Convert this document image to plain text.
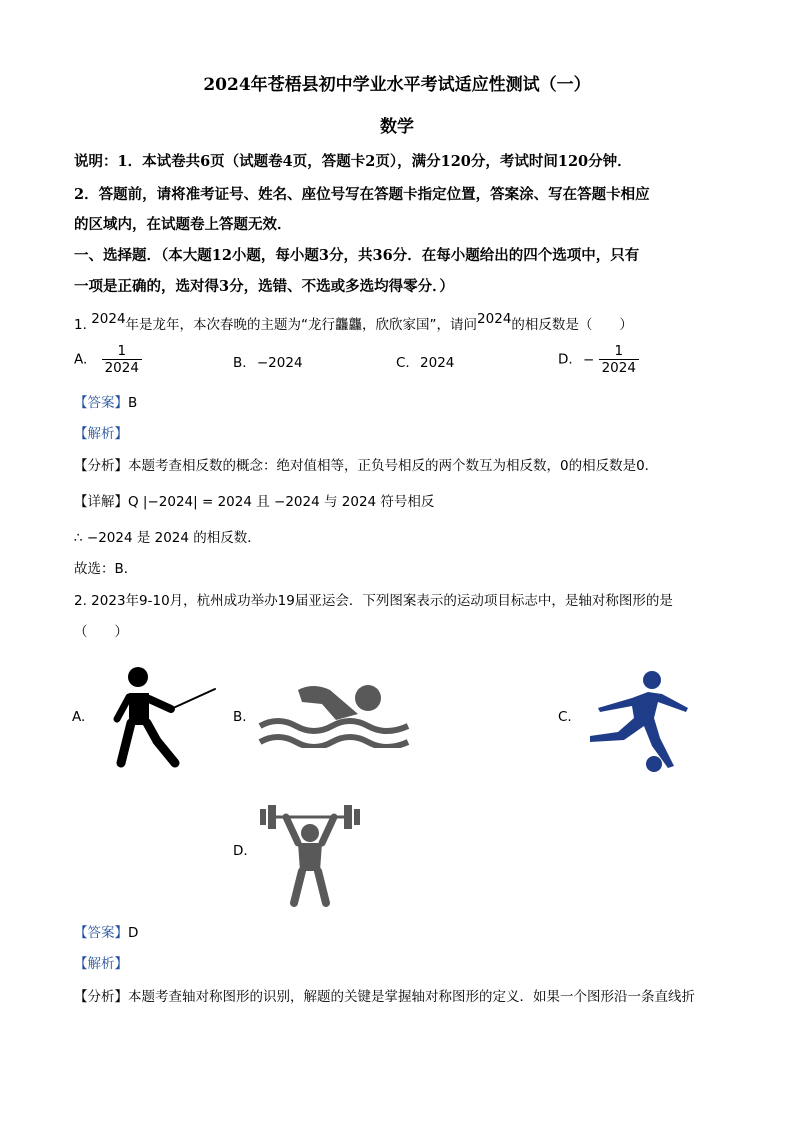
2024年苍梧县初中学业水平考试适应性测试（一）
数学
说明：1．本试卷共6页（试题卷4页，答题卡2页），满分120分，考试时间120分钟．
2．答题前，请将准考证号、姓名、座位号写在答题卡指定位置，答案涂、写在答题卡相应
的区域内，在试题卷上答题无效．
一、选择题．（本大题12小题，每小题3分，共36分．在每小题给出的四个选项中，只有
一项是正确的，选对得3分，选错、不选或多选均得零分．）
1. 2024年是龙年，本次春晚的主题为“龙行龘龘，欣欣家国”，请问2024的相反数是（　　）
A. $\frac{1}{2024}$	B. −2024	C. 2024	D. − $\frac{1}{2024}$
【答案】B
【解析】
【分析】本题考查相反数的概念：绝对值相等，正负号相反的两个数互为相反数，0的相反数是0．
【详解】Q |−2024| = 2024 且 −2024 与 2024 符号相反
∴ −2024 是 2024 的相反数．
故选：B．
2. 2023年9-10月，杭州成功举办19届亚运会．下列图案表示的运动项目标志中，是轴对称图形的是
（　　）
A.	B.	C.
D.
【答案】D
【解析】
【分析】本题考查轴对称图形的识别，解题的关键是掌握轴对称图形的定义．如果一个图形沿一条直线折
